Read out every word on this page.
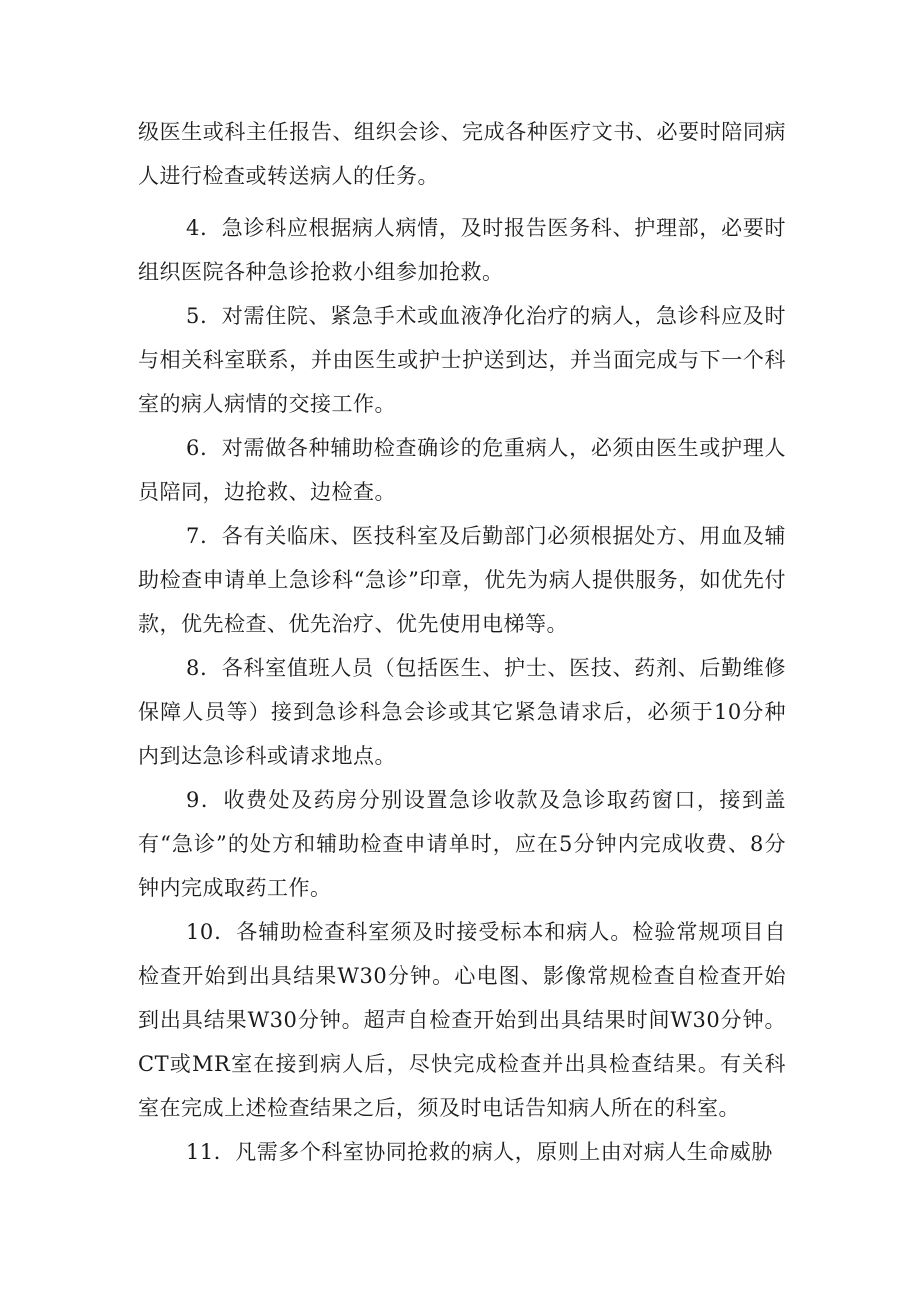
级医生或科主任报告、组织会诊、完成各种医疗文书、必要时陪同病人进行检查或转送病人的任务。

4．急诊科应根据病人病情，及时报告医务科、护理部，必要时组织医院各种急诊抢救小组参加抢救。

5．对需住院、紧急手术或血液净化治疗的病人，急诊科应及时与相关科室联系，并由医生或护士护送到达，并当面完成与下一个科室的病人病情的交接工作。

6．对需做各种辅助检查确诊的危重病人，必须由医生或护理人员陪同，边抢救、边检查。

7．各有关临床、医技科室及后勤部门必须根据处方、用血及辅助检查申请单上急诊科“急诊”印章，优先为病人提供服务，如优先付款，优先检查、优先治疗、优先使用电梯等。

8．各科室值班人员（包括医生、护士、医技、药剂、后勤维修保障人员等）接到急诊科急会诊或其它紧急请求后，必须于10分种内到达急诊科或请求地点。

9．收费处及药房分别设置急诊收款及急诊取药窗口，接到盖有“急诊”的处方和辅助检查申请单时，应在5分钟内完成收费、8分钟内完成取药工作。

10．各辅助检查科室须及时接受标本和病人。检验常规项目自检查开始到出具结果W30分钟。心电图、影像常规检查自检查开始到出具结果W30分钟。超声自检查开始到出具结果时间W30分钟。CT或MR室在接到病人后，尽快完成检查并出具检查结果。有关科室在完成上述检查结果之后，须及时电话告知病人所在的科室。

11．凡需多个科室协同抢救的病人，原则上由对病人生命威胁
